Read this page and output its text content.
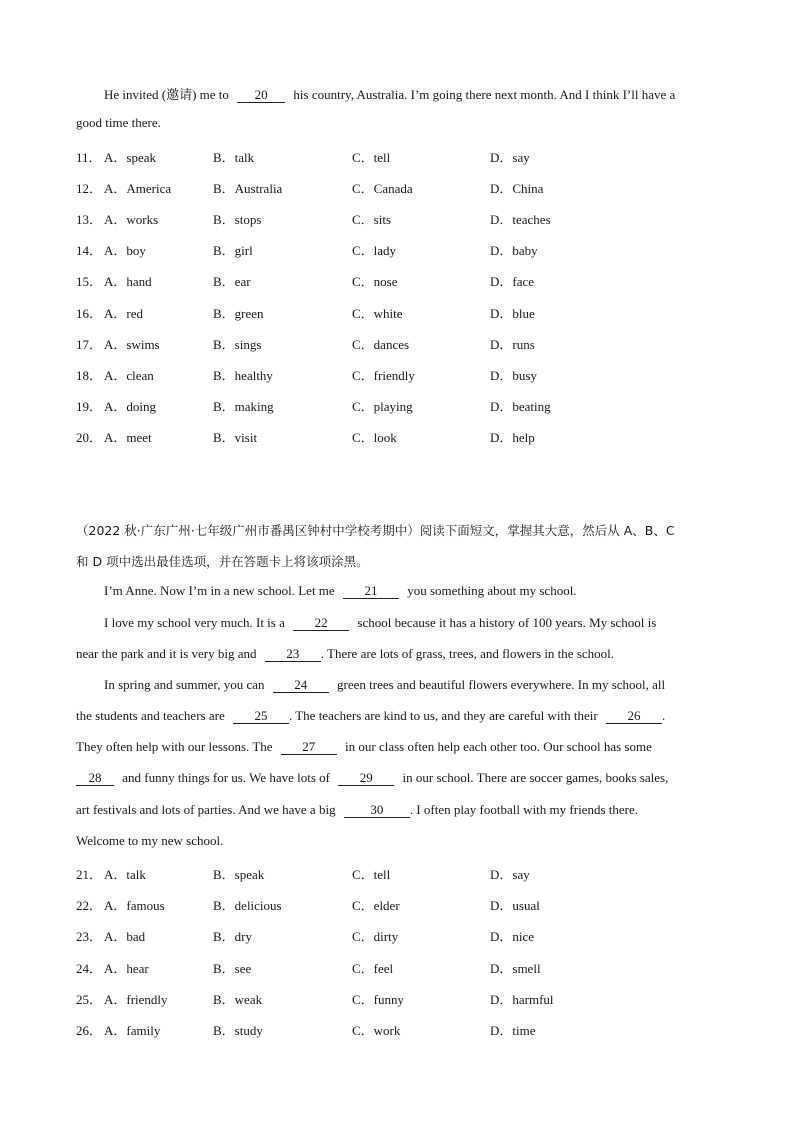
He invited (邀请) me to 20 his country, Australia. I’m going there next month. And I think I’ll have a
good time there.
11． A．speak	B．talk	C．tell	D．say
12． A．America	B．Australia	C．Canada	D．China
13． A．works	B．stops	C．sits	D．teaches
14． A．boy	B．girl	C．lady	D．baby
15． A．hand	B．ear	C．nose	D．face
16． A．red	B．green	C．white	D．blue
17． A．swims	B．sings	C．dances	D．runs
18． A．clean	B．healthy	C．friendly	D．busy
19． A．doing	B．making	C．playing	D．beating
20． A．meet	B．visit	C．look	D．help
（2022 秋·广东广州·七年级广州市番禺区钟村中学校考期中）阅读下面短文，掌握其大意，然后从 A、B、C
和 D 项中选出最佳选项，并在答题卡上将该项涂黑。
I’m Anne. Now I’m in a new school. Let me 21 you something about my school.
I love my school very much. It is a 22 school because it has a history of 100 years. My school is
near the park and it is very big and 23 . There are lots of grass, trees, and flowers in the school.
In spring and summer, you can 24 green trees and beautiful flowers everywhere. In my school, all
the students and teachers are 25 . The teachers are kind to us, and they are careful with their 26 .
They often help with our lessons. The 27 in our class often help each other too. Our school has some
28 and funny things for us. We have lots of 29 in our school. There are soccer games, books sales,
art festivals and lots of parties. And we have a big	30 . I often play football with my friends there.
Welcome to my new school.
21． A．talk	B．speak	C．tell	D．say
22． A．famous	B．delicious	C．elder	D．usual
23． A．bad	B．dry	C．dirty	D．nice
24． A．hear	B．see	C．feel	D．smell
25． A．friendly	B．weak	C．funny	D．harmful
26． A．family	B．study	C．work	D．time
